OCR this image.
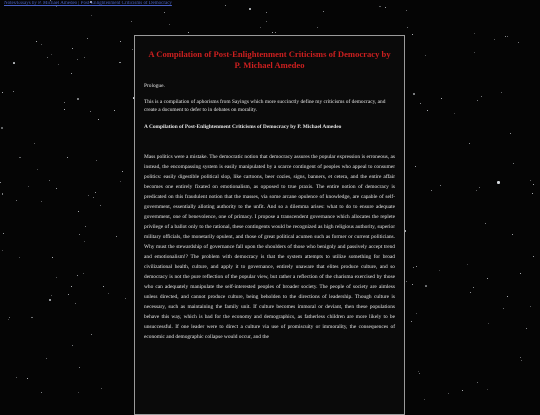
Notes/Essays by P. Michael Amedeo | Post-Enlightenment Criticisms of Democracy
A Compilation of Post-Enlightenment Criticisms of Democracy by P. Michael Amedeo

Prologue.

This is a compilation of aphorisms from Sayings which more succinctly define my criticisms of democracy, and create a document to defer to in debates on morality.

A Compilation of Post-Enlightenment Criticisms of Democracy by P. Michael Amedeo

Mass politics were a mistake. The democratic notion that democracy assures the popular expression is erroneous, as instead, the encompassing system is easily manipulated by a scarce contingent of peoples who appeal to consumer politics: easily digestible political slop, like cartoons, beer cozies, signs, banners, et cetera, and the entire affair becomes one entirely fixated on emotionalism, as opposed to true praxis. The entire notion of democracy is predicated on this fraudulent notion that the masses, via some arcane opulence of knowledge, are capable of self-government, essentially alloting authority to the unfit. And so a dilemma arises: what to do to ensure adequate government, one of benevolence, one of primacy. I propose a transcendent governance which allocates the replete privilege of a ballot only to the rational, these contingents would be recognized as high religious authority, superior military officials, the monetarily opulent, and those of great political acumen such as former or current politicians. Why must the stewardship of governance fall upon the shoulders of those who benignly and passively accept trend and emotionalism!? The problem with democracy is that the system attempts to utilize something for broad civilizational health, culture, and apply it to governance, entirely unaware that elites produce culture, and so democracy is not the pure reflection of the popular view, but rather a reflection of the charisma exercised by those who can adequately manipulate the self-interested peoples of broader society. The people of society are aimless unless directed, and cannot produce culture, being beholden to the directions of leadership. Though culture is necessary, such as maintaining the family unit. If culture becomes immoral or deviant, then these populations behave this way, which is bad for the economy and demographics, as fatherless children are more likely to be unsuccessful. If one leader were to direct a culture via use of promiscuity or immorality, the consequences of economic and demographic collapse would occur, and the
